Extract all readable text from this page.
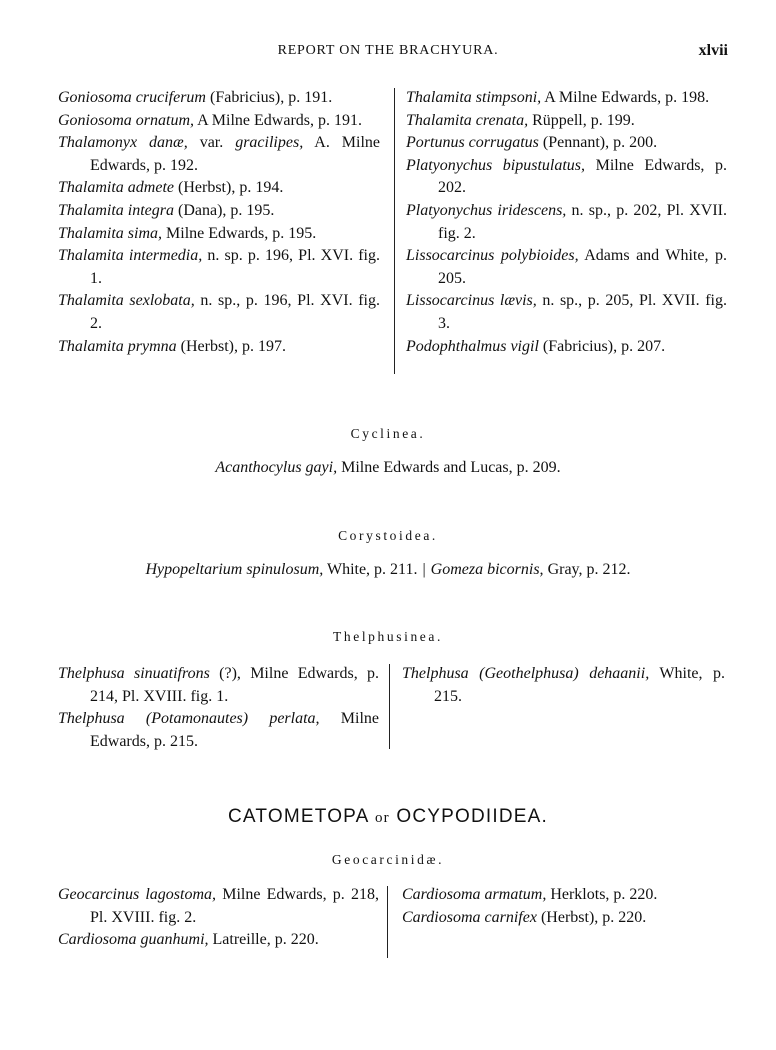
REPORT ON THE BRACHYURA.	xlvii
Goniosoma cruciferum (Fabricius), p. 191.
Goniosoma ornatum, A Milne Edwards, p. 191.
Thalamonyx danæ, var. gracilipes, A. Milne Edwards, p. 192.
Thalamita admete (Herbst), p. 194.
Thalamita integra (Dana), p. 195.
Thalamita sima, Milne Edwards, p. 195.
Thalamita intermedia, n. sp. p. 196, Pl. XVI. fig. 1.
Thalamita sexlobata, n. sp., p. 196, Pl. XVI. fig. 2.
Thalamita prymna (Herbst), p. 197.
Thalamita stimpsoni, A Milne Edwards, p. 198.
Thalamita crenata, Rüppell, p. 199.
Portunus corrugatus (Pennant), p. 200.
Platyonychus bipustulatus, Milne Edwards, p. 202.
Platyonychus iridescens, n. sp., p. 202, Pl. XVII. fig. 2.
Lissocarcinus polybioides, Adams and White, p. 205.
Lissocarcinus lævis, n. sp., p. 205, Pl. XVII. fig. 3.
Podophthalmus vigil (Fabricius), p. 207.
Cyclinea.
Acanthocylus gayi, Milne Edwards and Lucas, p. 209.
Corystoidea.
Hypopeltarium spinulosum, White, p. 211. | Gomeza bicornis, Gray, p. 212.
Thelphusinea.
Thelphusa sinuatifrons (?), Milne Edwards, p. 214, Pl. XVIII. fig. 1.
Thelphusa (Potamonautes) perlata, Milne Edwards, p. 215.
Thelphusa (Geothelphusa) dehaanii, White, p. 215.
CATOMETOPA or OCYPODIIDEA.
Geocarcinidæ.
Geocarcinus lagostoma, Milne Edwards, p. 218, Pl. XVIII. fig. 2.
Cardiosoma guanhumi, Latreille, p. 220.
Cardiosoma armatum, Herklots, p. 220.
Cardiosoma carnifex (Herbst), p. 220.
